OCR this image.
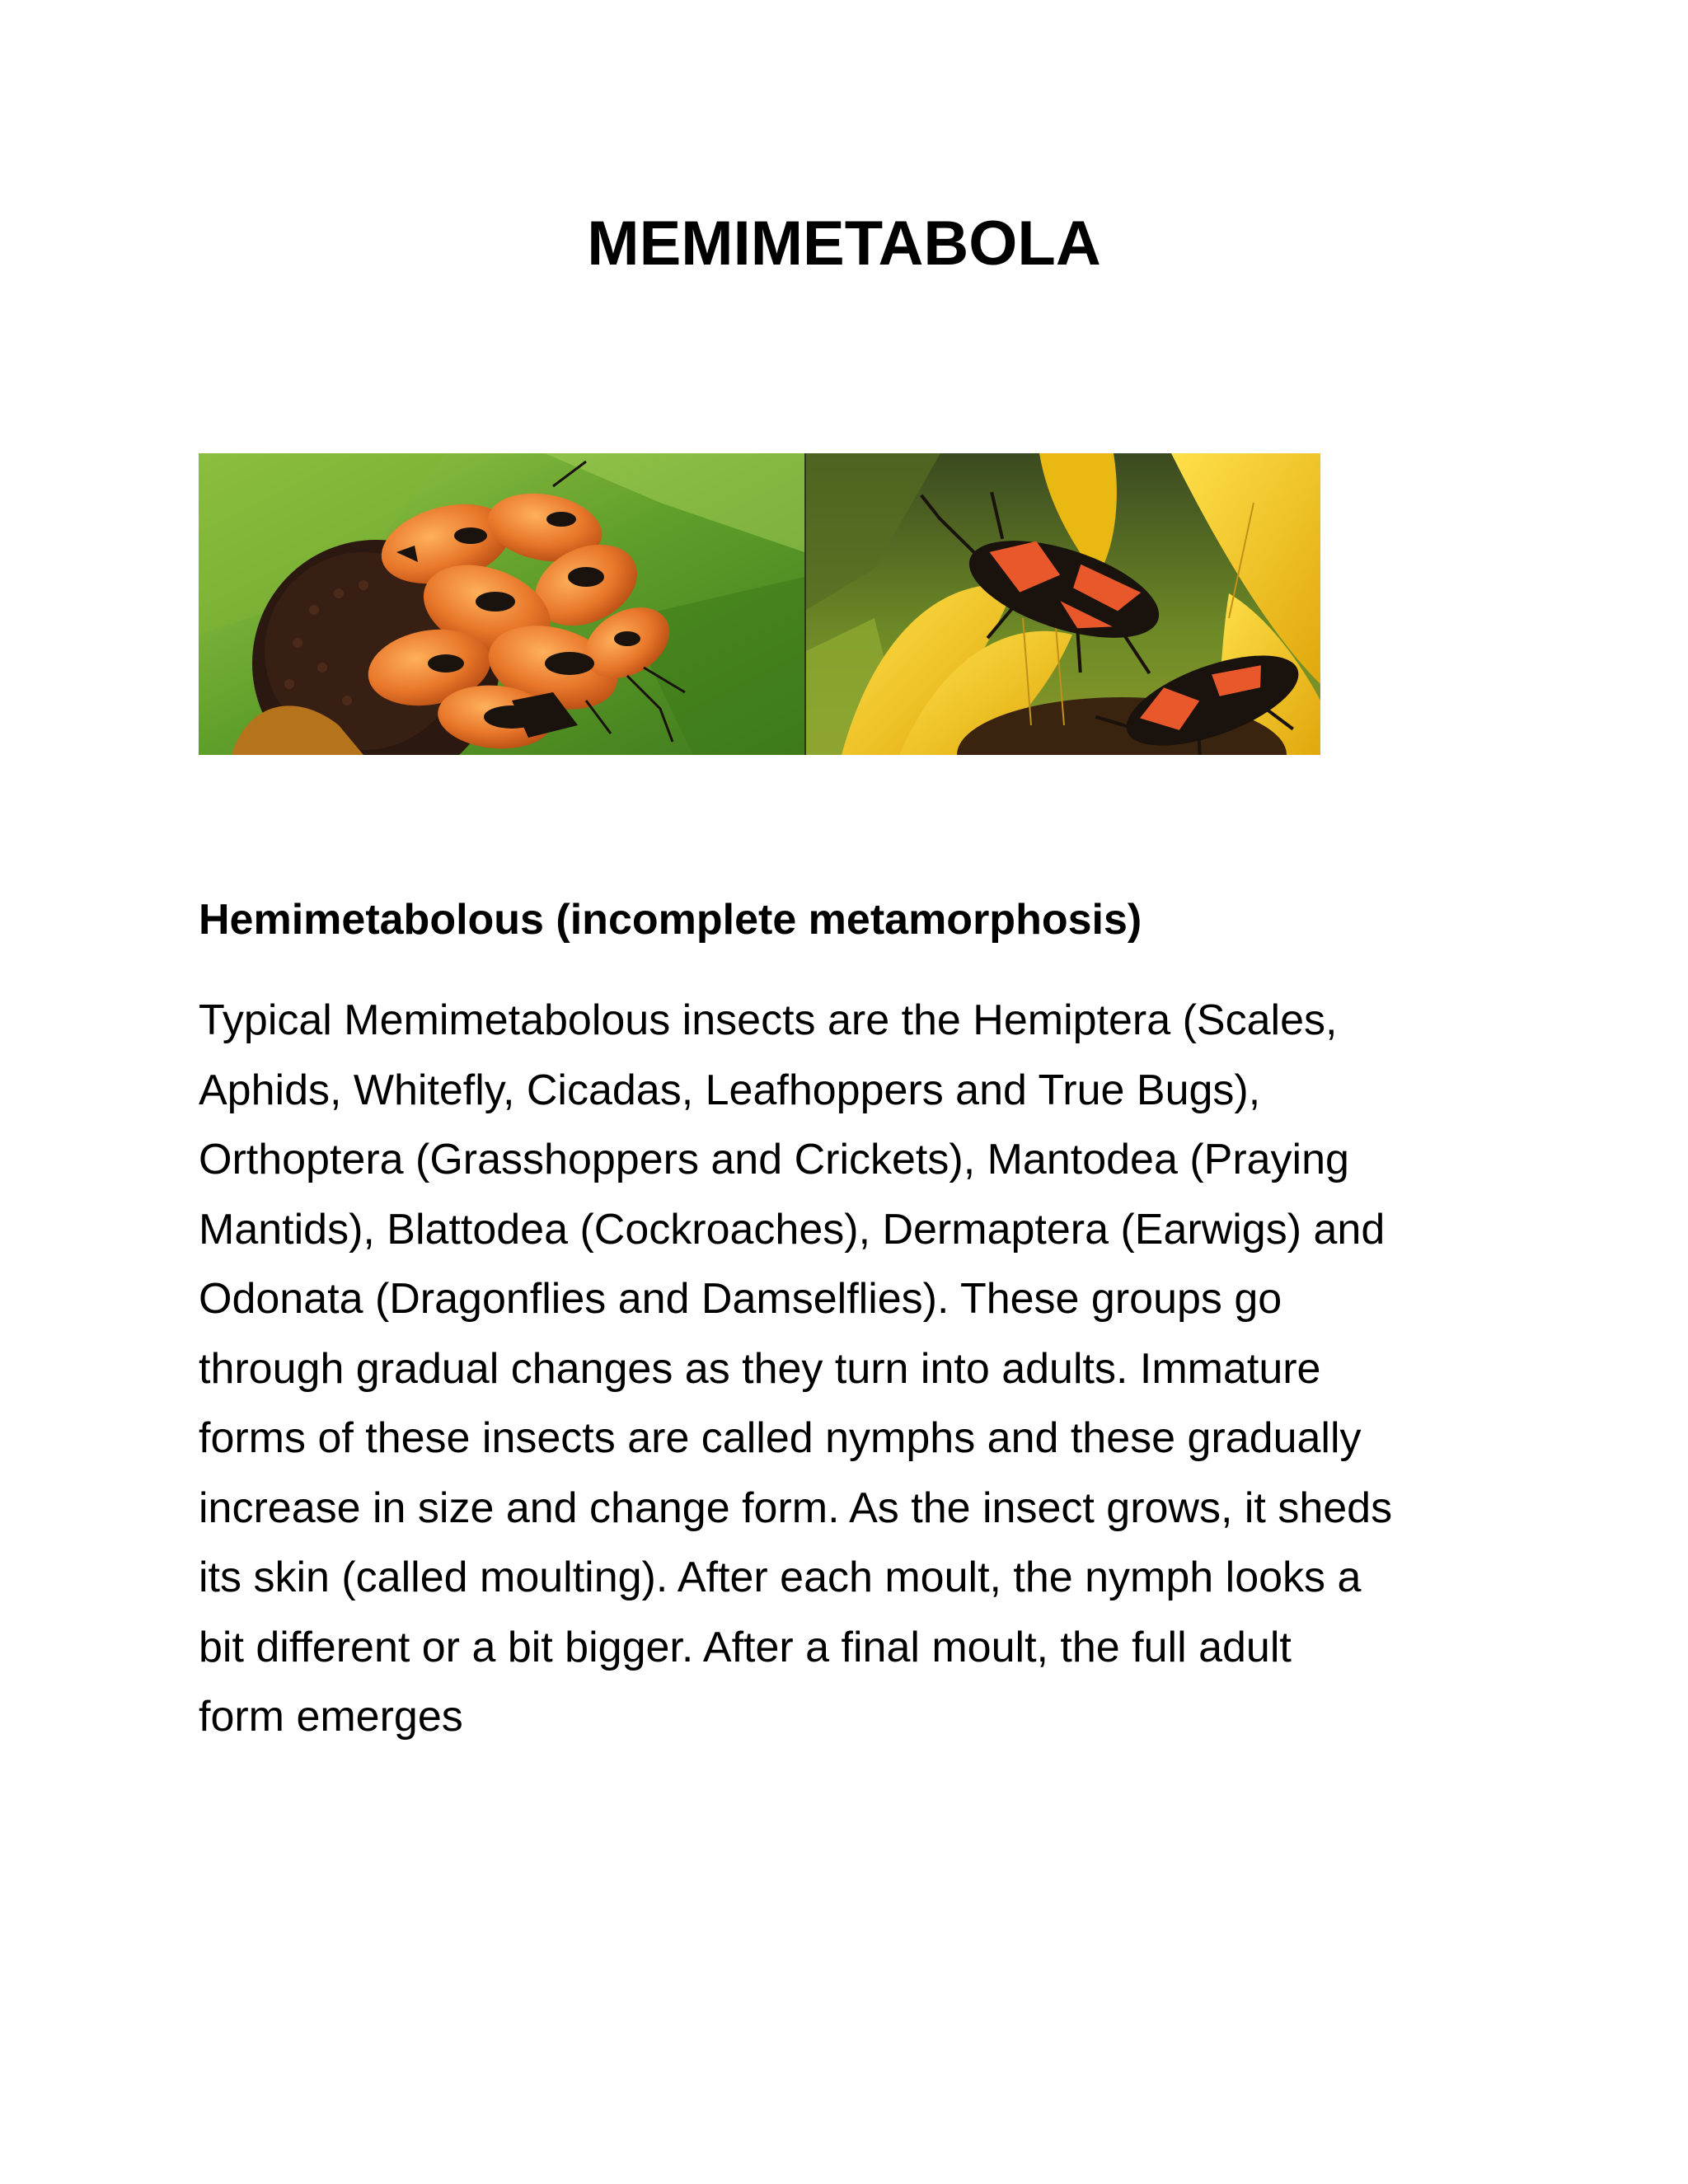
MEMIMETABOLA
Hemimetabolous (incomplete metamorphosis)

Typical Memimetabolous insects are the Hemiptera (Scales,
Aphids, Whitefly, Cicadas, Leafhoppers and True Bugs),
Orthoptera (Grasshoppers and Crickets), Mantodea (Praying
Mantids), Blattodea (Cockroaches), Dermaptera (Earwigs) and
Odonata (Dragonflies and Damselflies). These groups go
through gradual changes as they turn into adults. Immature
forms of these insects are called nymphs and these gradually
increase in size and change form. As the insect grows, it sheds
its skin (called moulting). After each moult, the nymph looks a
bit different or a bit bigger. After a final moult, the full adult
form emerges
